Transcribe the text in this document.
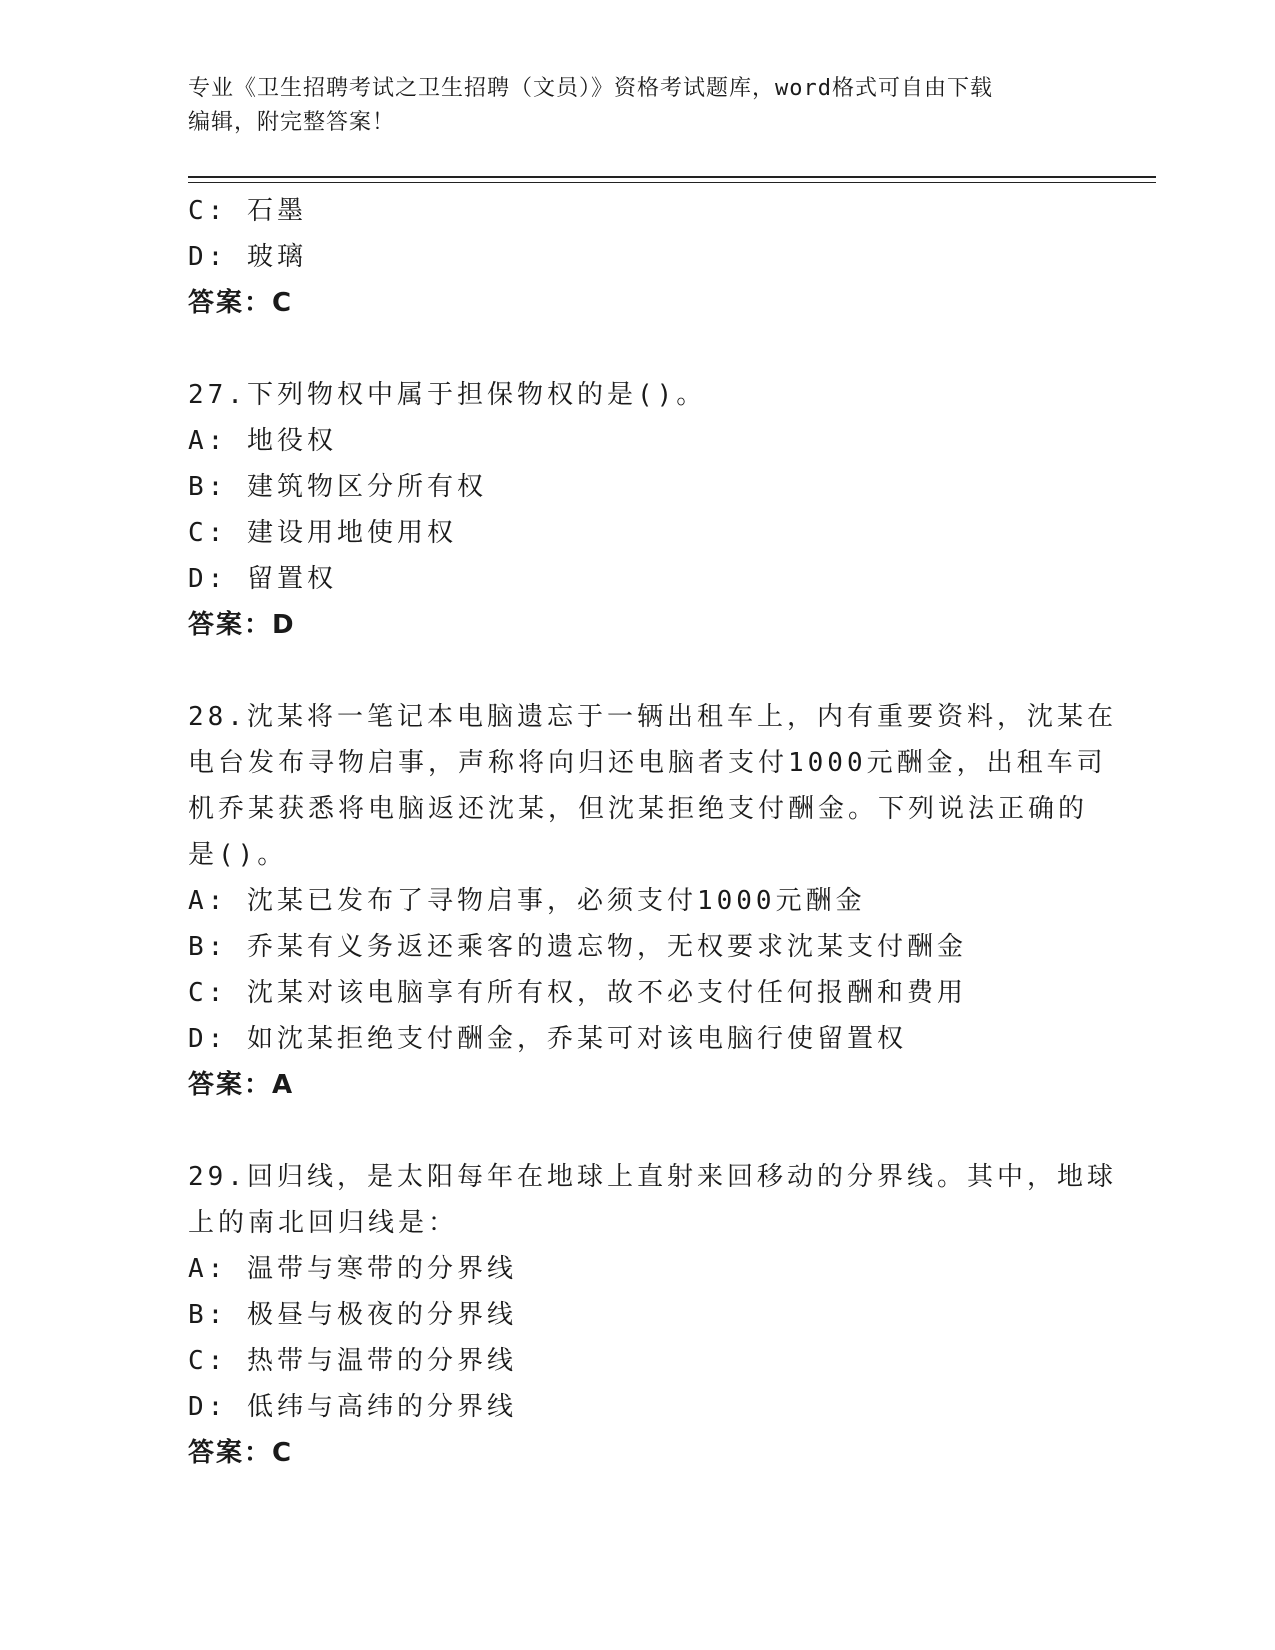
专业《卫生招聘考试之卫生招聘（文员）》资格考试题库，word格式可自由下载
编辑，附完整答案！
C: 石墨
D: 玻璃
答案：C
27.下列物权中属于担保物权的是()。
A: 地役权
B: 建筑物区分所有权
C: 建设用地使用权
D: 留置权
答案：D
28.沈某将一笔记本电脑遗忘于一辆出租车上，内有重要资料，沈某在
电台发布寻物启事，声称将向归还电脑者支付1000元酬金，出租车司
机乔某获悉将电脑返还沈某，但沈某拒绝支付酬金。下列说法正确的
是()。
A: 沈某已发布了寻物启事，必须支付1000元酬金
B: 乔某有义务返还乘客的遗忘物，无权要求沈某支付酬金
C: 沈某对该电脑享有所有权，故不必支付任何报酬和费用
D: 如沈某拒绝支付酬金，乔某可对该电脑行使留置权
答案：A
29.回归线，是太阳每年在地球上直射来回移动的分界线。其中，地球
上的南北回归线是：
A: 温带与寒带的分界线
B: 极昼与极夜的分界线
C: 热带与温带的分界线
D: 低纬与高纬的分界线
答案：C
